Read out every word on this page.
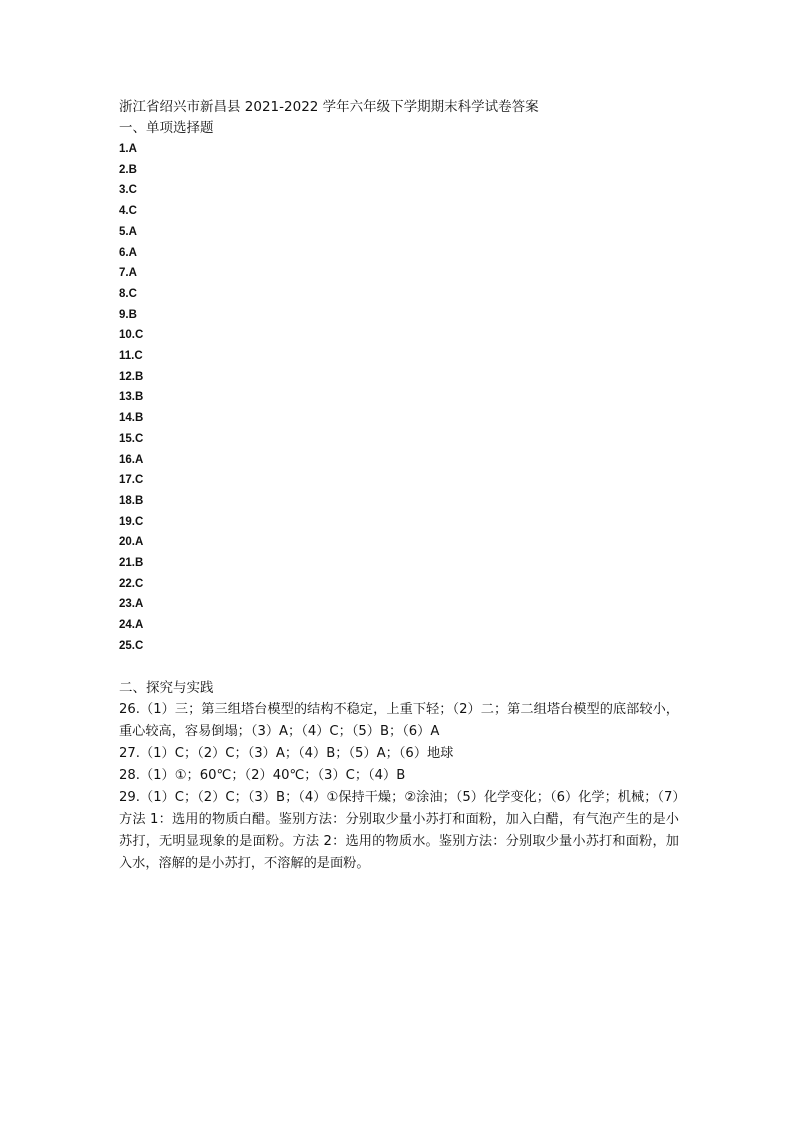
浙江省绍兴市新昌县 2021-2022 学年六年级下学期期末科学试卷答案

一、单项选择题

1.A
2.B
3.C
4.C
5.A
6.A
7.A
8.C
9.B
10.C
11.C
12.B
13.B
14.B
15.C
16.A
17.C
18.B
19.C
20.A
21.B
22.C
23.A
24.A
25.C

二、探究与实践

26.（1）三；第三组塔台模型的结构不稳定，上重下轻；（2）二；第二组塔台模型的底部较小，重心较高，容易倒塌；（3）A；（4）C；（5）B；（6）A

27.（1）C；（2）C；（3）A；（4）B；（5）A；（6）地球

28.（1）①；60℃；（2）40℃；（3）C；（4）B

29.（1）C；（2）C；（3）B；（4）①保持干燥；②涂油；（5）化学变化；（6）化学；机械；（7）方法 1：选用的物质白醋。鉴别方法：分别取少量小苏打和面粉，加入白醋，有气泡产生的是小苏打，无明显现象的是面粉。方法 2：选用的物质水。鉴别方法：分别取少量小苏打和面粉，加入水，溶解的是小苏打，不溶解的是面粉。
